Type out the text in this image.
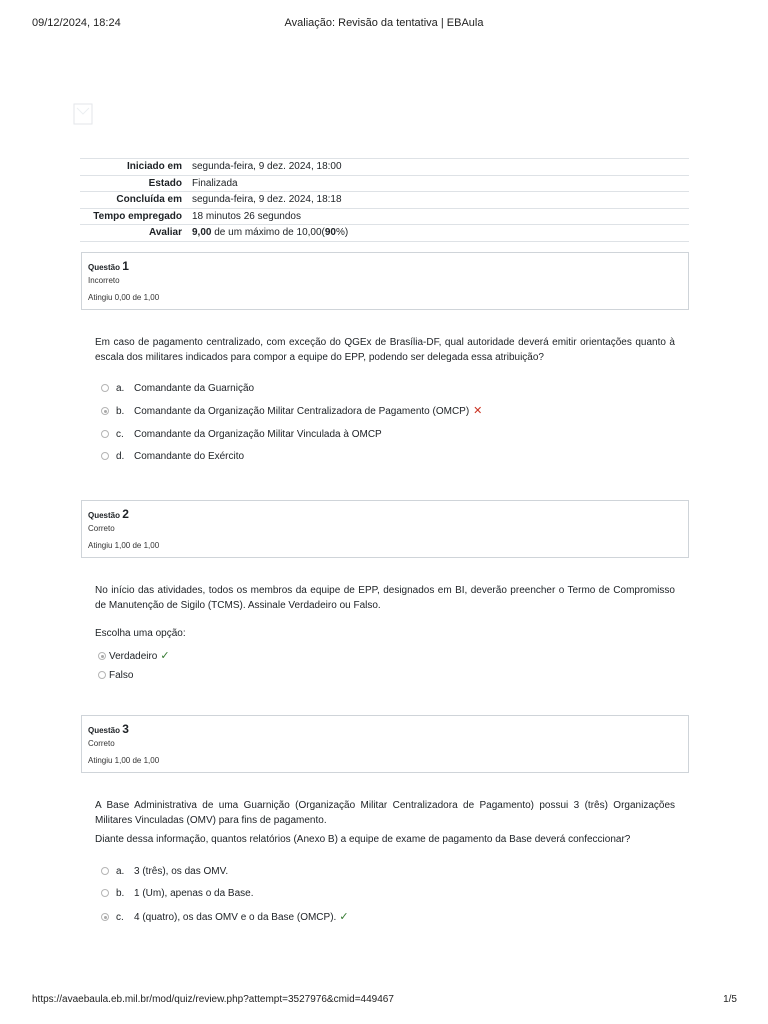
09/12/2024, 18:24	Avaliação: Revisão da tentativa | EBAula
Iniciado em	segunda-feira, 9 dez. 2024, 18:00
Estado	Finalizada
Concluída em	segunda-feira, 9 dez. 2024, 18:18
Tempo empregado	18 minutos 26 segundos
Avaliar	9,00 de um máximo de 10,00(90%)
Questão 1
Incorreto
Atingiu 0,00 de 1,00
Em caso de pagamento centralizado, com exceção do QGEx de Brasília-DF, qual autoridade deverá emitir orientações quanto à escala dos militares indicados para compor a equipe do EPP, podendo ser delegada essa atribuição?
a. Comandante da Guarnição
b. Comandante da Organização Militar Centralizadora de Pagamento (OMCP) ✕
c. Comandante da Organização Militar Vinculada à OMCP
d. Comandante do Exército
Questão 2
Correto
Atingiu 1,00 de 1,00
No início das atividades, todos os membros da equipe de EPP, designados em BI, deverão preencher o Termo de Compromisso de Manutenção de Sigilo (TCMS). Assinale Verdadeiro ou Falso.
Escolha uma opção:
Verdadeiro ✓
Falso
Questão 3
Correto
Atingiu 1,00 de 1,00
A Base Administrativa de uma Guarnição (Organização Militar Centralizadora de Pagamento) possui 3 (três) Organizações Militares Vinculadas (OMV) para fins de pagamento.
Diante dessa informação, quantos relatórios (Anexo B) a equipe de exame de pagamento da Base deverá confeccionar?
a. 3 (três), os das OMV.
b. 1 (Um), apenas o da Base.
c. 4 (quatro), os das OMV e o da Base (OMCP). ✓
https://avaebaula.eb.mil.br/mod/quiz/review.php?attempt=3527976&cmid=449467	1/5
